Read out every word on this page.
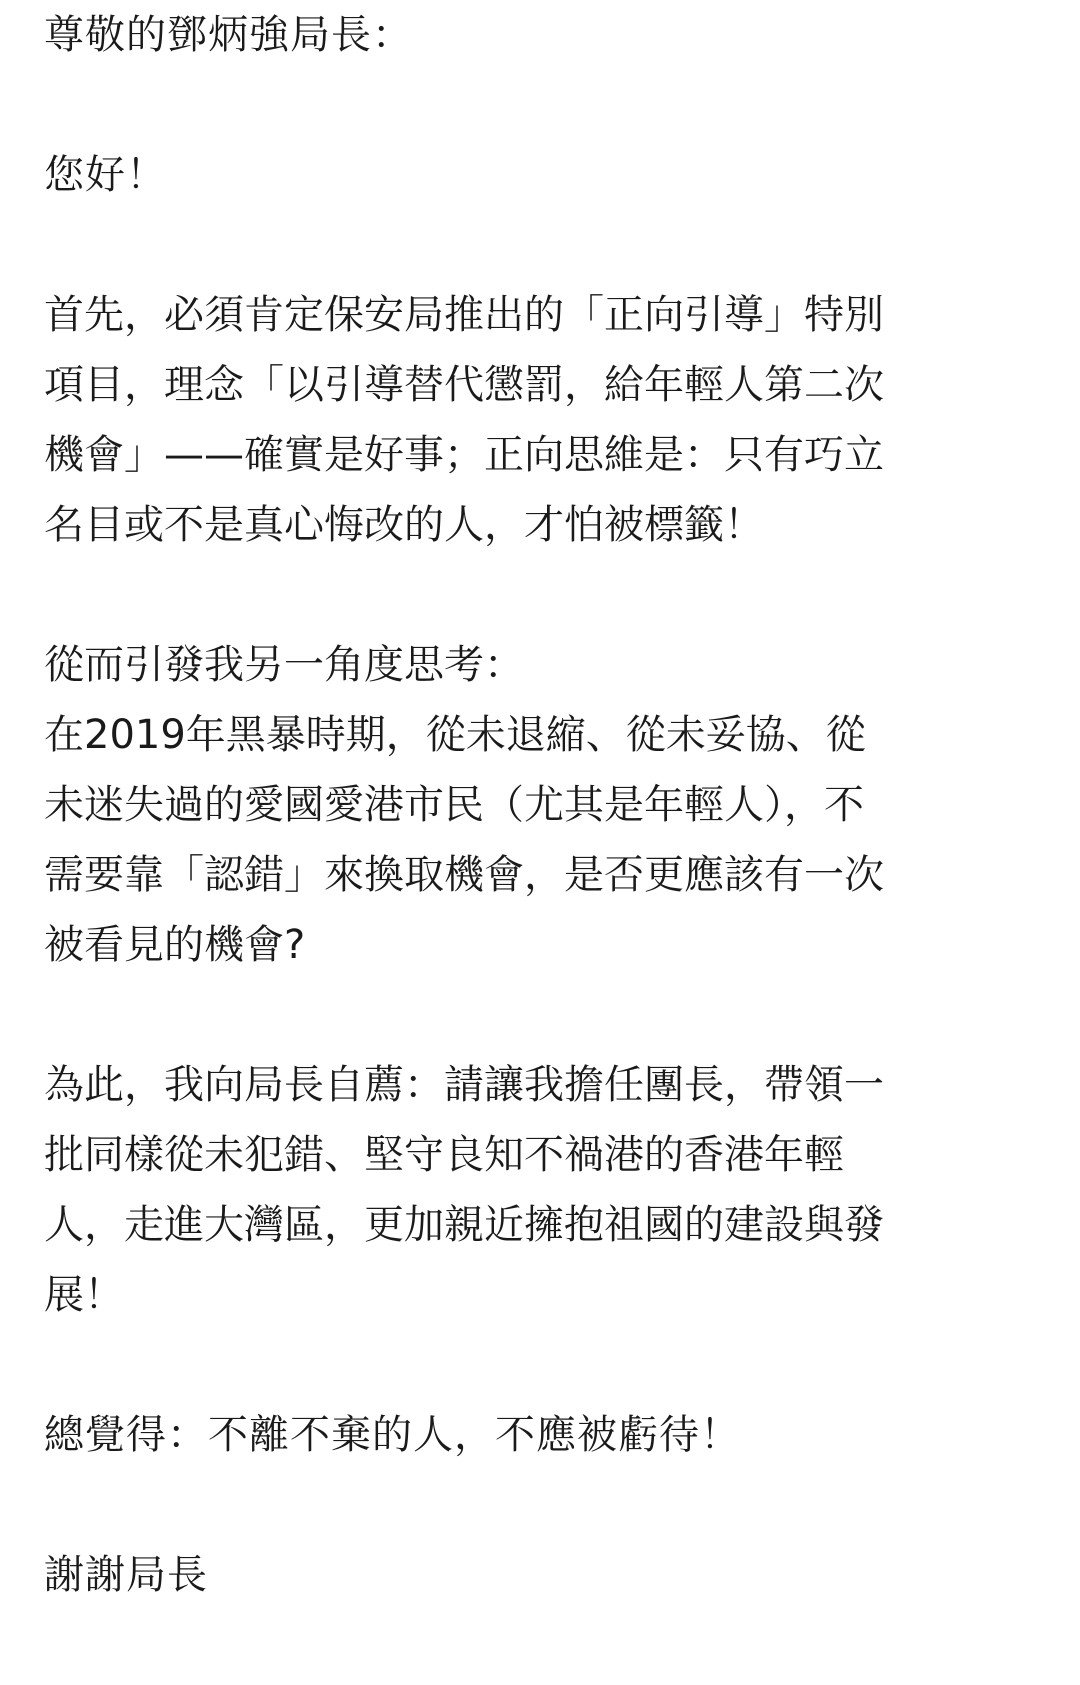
尊敬的鄧炳強局長：
您好！
首先，必須肯定保安局推出的「正向引導」特別
項目，理念「以引導替代懲罰，給年輕人第二次
機會」——確實是好事；正向思維是：只有巧立
名目或不是真心悔改的人，才怕被標籤！
從而引發我另一角度思考：
在2019年黑暴時期，從未退縮、從未妥協、從
未迷失過的愛國愛港市民（尤其是年輕人），不
需要靠「認錯」來換取機會，是否更應該有一次
被看見的機會?
為此，我向局長自薦：請讓我擔任團長，帶領一
批同樣從未犯錯、堅守良知不禍港的香港年輕
人，走進大灣區，更加親近擁抱祖國的建設與發
展！
總覺得：不離不棄的人，不應被虧待！
謝謝局長
